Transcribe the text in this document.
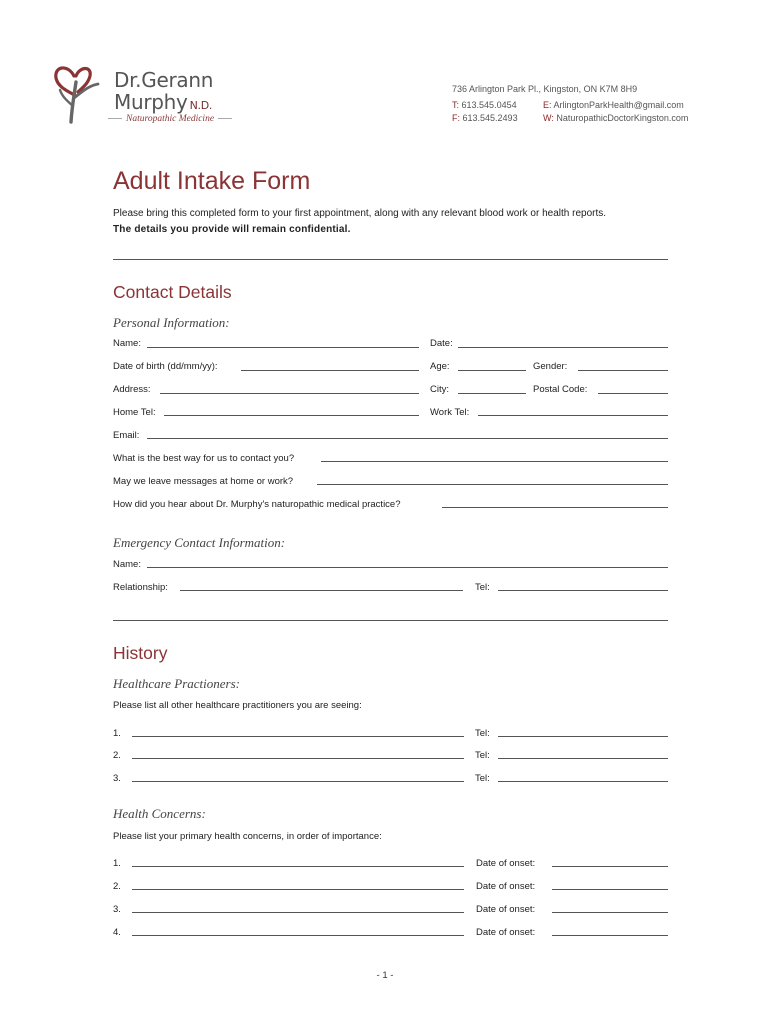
Dr.Gerann
Murphy N.D.
Naturopathic Medicine
736 Arlington Park Pl., Kingston, ON K7M 8H9
T: 613.545.0454
F: 613.545.2493
E: ArlingtonParkHealth@gmail.com
W: NaturopathicDoctorKingston.com
Adult Intake Form
Please bring this completed form to your first appointment, along with any relevant blood work or health reports.
The details you provide will remain confidential.
Contact Details
Personal Information:
Name:	Date:
Date of birth (dd/mm/yy):	Age:	Gender:
Address:	City:	Postal Code:
Home Tel:	Work Tel:
Email:
What is the best way for us to contact you?
May we leave messages at home or work?
How did you hear about Dr. Murphy's naturopathic medical practice?
Emergency Contact Information:
Name:
Relationship:	Tel:
History
Healthcare Practioners:
Please list all other healthcare practitioners you are seeing:
1.	Tel:
2.	Tel:
3.	Tel:
Health Concerns:
Please list your primary health concerns, in order of importance:
1.	Date of onset:
2.	Date of onset:
3.	Date of onset:
4.	Date of onset:
- 1 -
